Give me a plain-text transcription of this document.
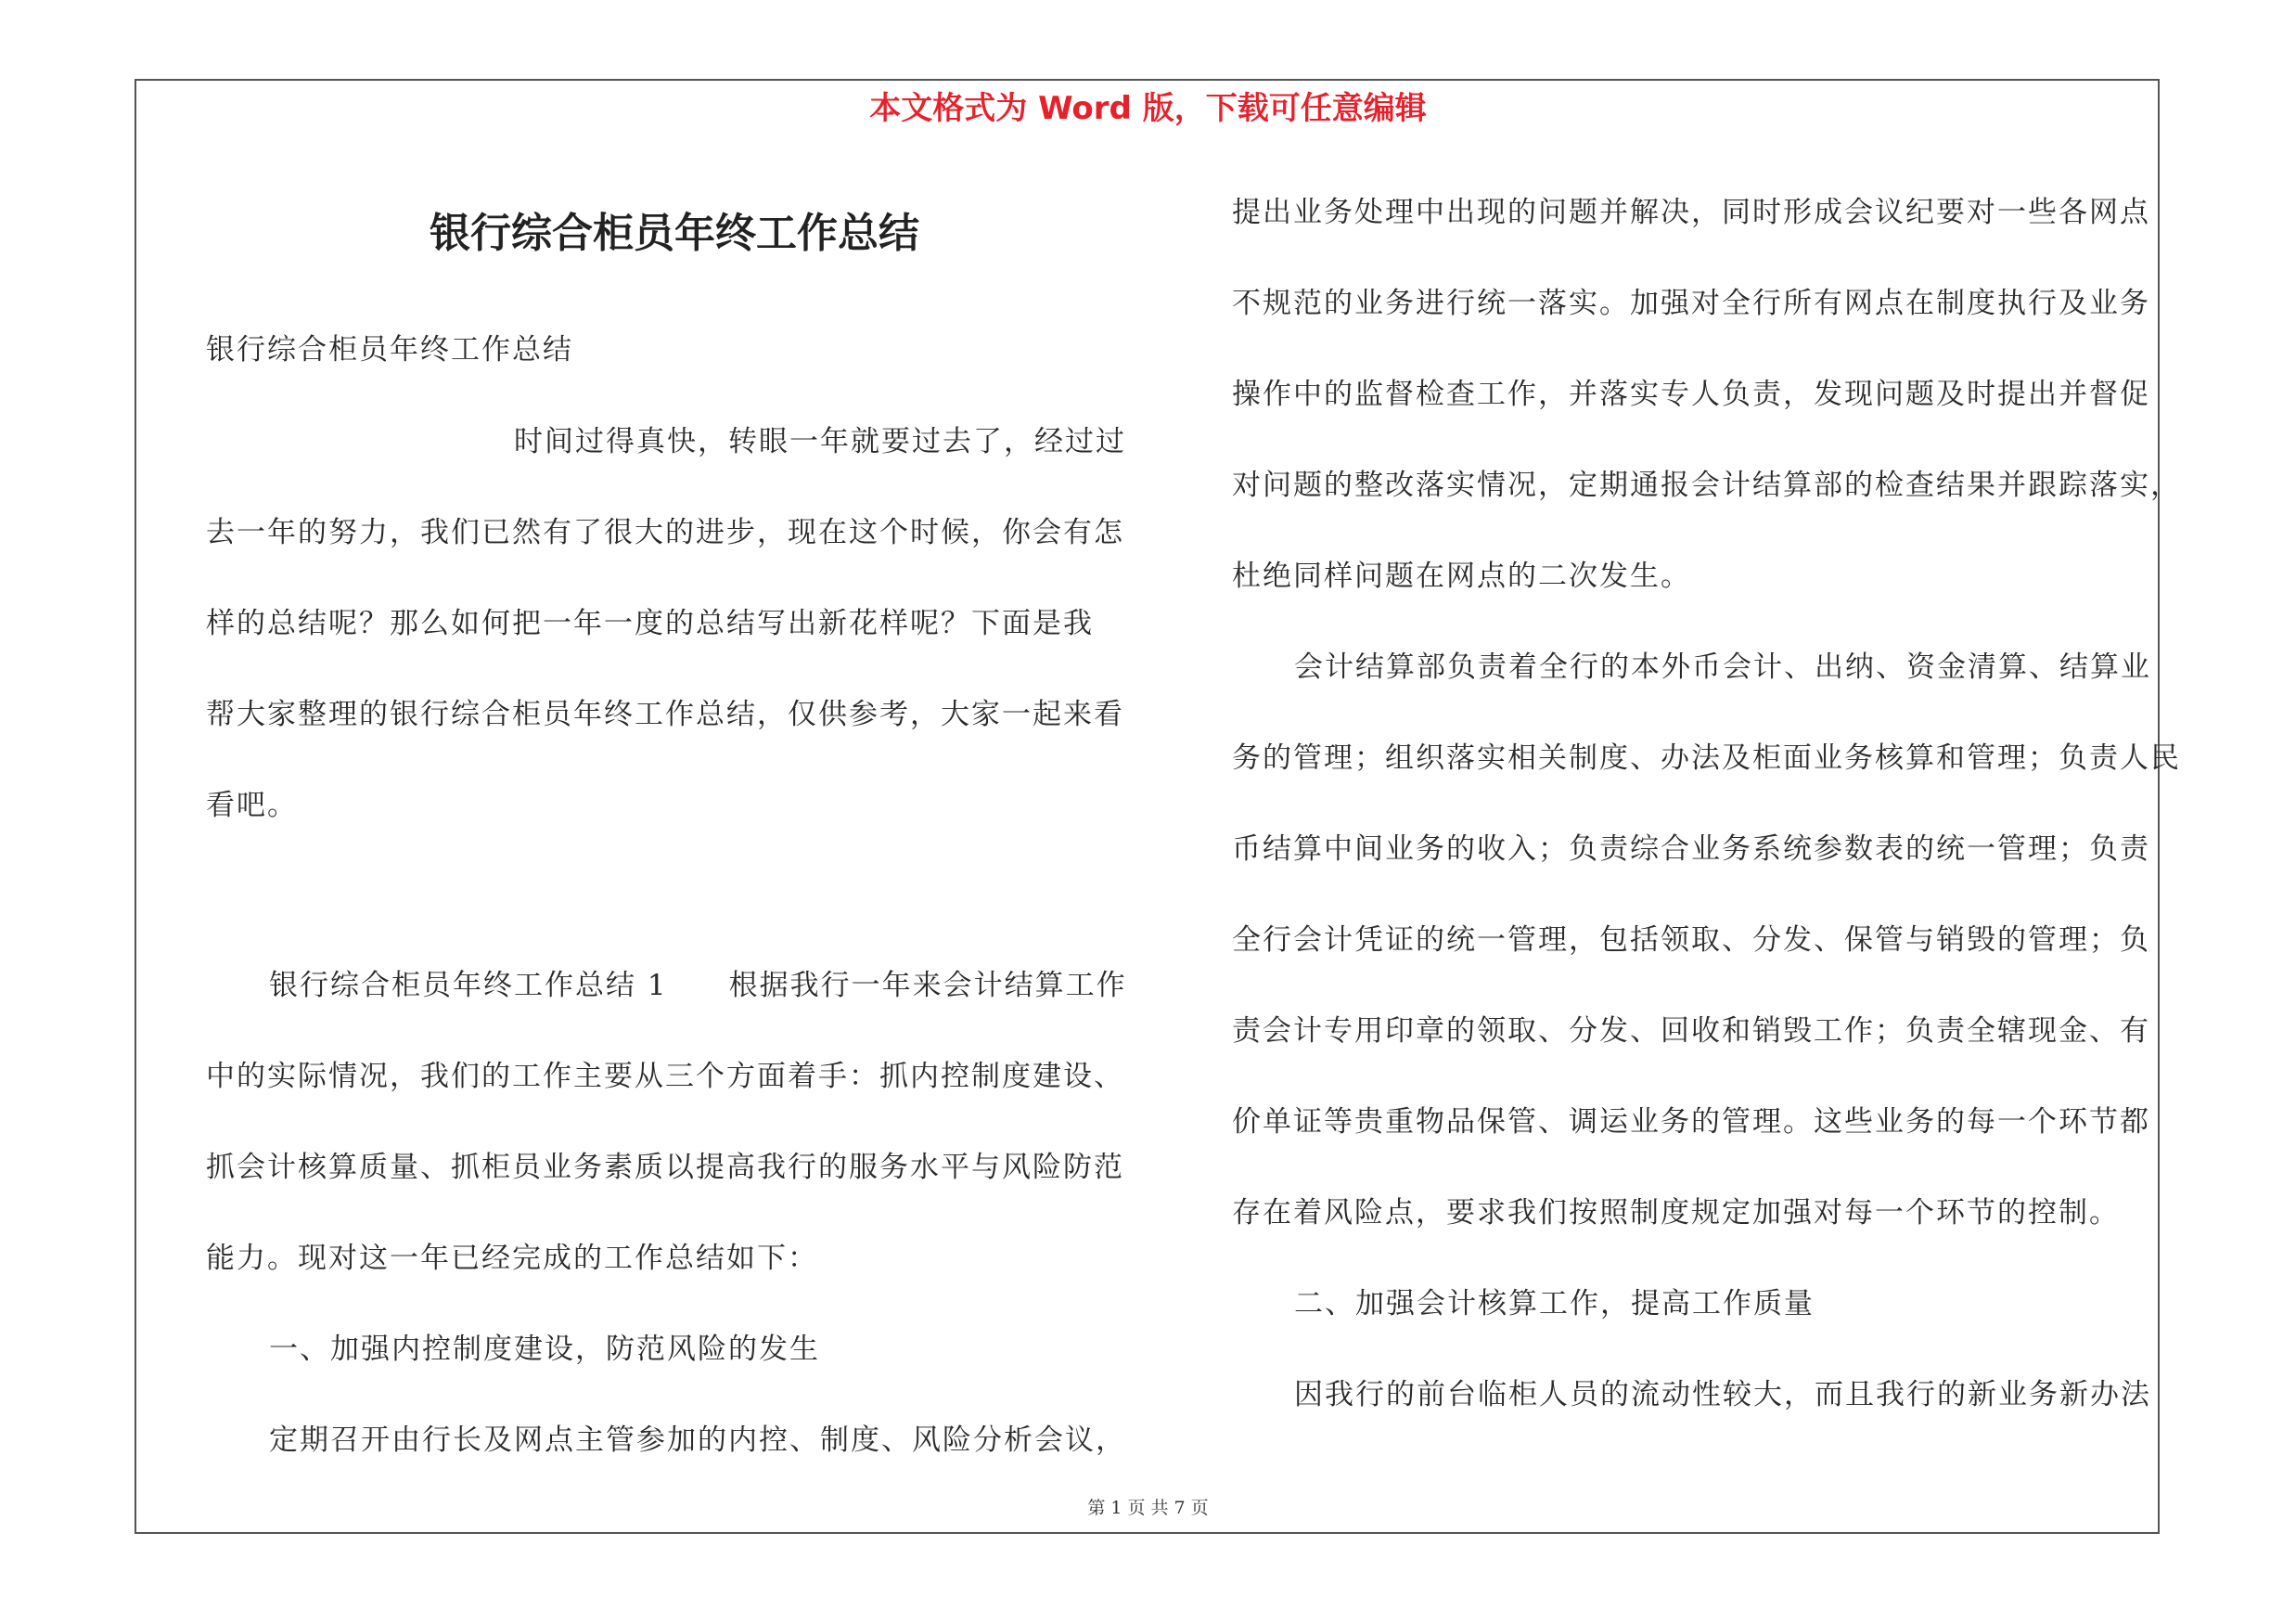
本文格式为 Word 版，下载可任意编辑
银行综合柜员年终工作总结
银行综合柜员年终工作总结
时间过得真快，转眼一年就要过去了，经过过
去一年的努力，我们已然有了很大的进步，现在这个时候，你会有怎
样的总结呢？那么如何把一年一度的总结写出新花样呢？下面是我
帮大家整理的银行综合柜员年终工作总结，仅供参考，大家一起来看
看吧。
银行综合柜员年终工作总结 1　　根据我行一年来会计结算工作
中的实际情况，我们的工作主要从三个方面着手：抓内控制度建设、
抓会计核算质量、抓柜员业务素质以提高我行的服务水平与风险防范
能力。现对这一年已经完成的工作总结如下：
一、加强内控制度建设，防范风险的发生
定期召开由行长及网点主管参加的内控、制度、风险分析会议，
提出业务处理中出现的问题并解决，同时形成会议纪要对一些各网点
不规范的业务进行统一落实。加强对全行所有网点在制度执行及业务
操作中的监督检查工作，并落实专人负责，发现问题及时提出并督促
对问题的整改落实情况，定期通报会计结算部的检查结果并跟踪落实，
杜绝同样问题在网点的二次发生。
会计结算部负责着全行的本外币会计、出纳、资金清算、结算业
务的管理；组织落实相关制度、办法及柜面业务核算和管理；负责人民
币结算中间业务的收入；负责综合业务系统参数表的统一管理；负责
全行会计凭证的统一管理，包括领取、分发、保管与销毁的管理；负
责会计专用印章的领取、分发、回收和销毁工作；负责全辖现金、有
价单证等贵重物品保管、调运业务的管理。这些业务的每一个环节都
存在着风险点，要求我们按照制度规定加强对每一个环节的控制。
二、加强会计核算工作，提高工作质量
因我行的前台临柜人员的流动性较大，而且我行的新业务新办法
第 1 页 共 7 页
